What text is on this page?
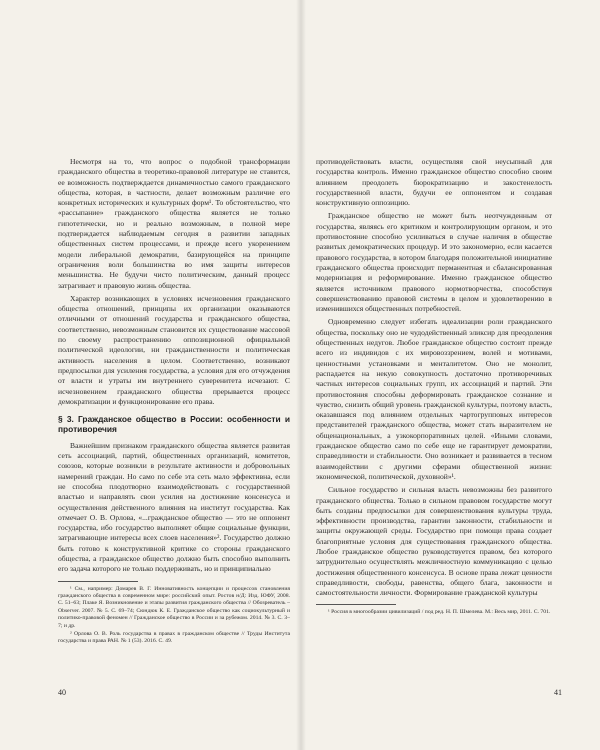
Несмотря на то, что вопрос о подобной трансформации гражданского общества в теоретико-правовой литературе не ставится, ее возможность подтверждается динамичностью самого гражданского общества, которая, в частности, делает возможным различие его конкретных исторических и культурных форм¹. То обстоятельство, что «рассыпание» гражданского общества является не только гипотетически, но и реально возможным, в полной мере подтверждается наблюдаемым сегодня в развитии западных общественных систем процессами, и прежде всего укоренением модели либеральной демократии, базирующейся на принципе ограничения воли большинства во имя защиты интересов меньшинства. Не будучи чисто политическим, данный процесс затрагивает и правовую жизнь общества.

Характер возникающих в условиях исчезновения гражданского общества отношений, принципы их организации оказываются отличными от отношений государства и гражданского общества, соответственно, невозможным становится их существование массовой по своему распространению оппозиционной официальной политической идеологии, ни гражданственности и политическая активность населения в целом. Соответственно, возникают предпосылки для усиления государства, а условия для его отчуждения от власти и утраты им внутреннего суверенитета исчезают. С исчезновением гражданского общества прерывается процесс демократизации и функционирование его права.

§ 3. Гражданское общество в России: особенности и противоречия

Важнейшим признаком гражданского общества является развитая сеть ассоциаций, партий, общественных организаций, комитетов, союзов, которые возникли в результате активности и добровольных намерений граждан. Но само по себе эта сеть мало эффективна, если не способна плодотворно взаимодействовать с государственной властью и направлять свои усилия на достижение консенсуса и осуществления действенного влияния на институт государства. Как отмечает О. В. Орлова, «...гражданское общество — это не оппонент государства, ибо государство выполняет общие социальные функции, затрагивающие интересы всех слоев населения»². Государство должно быть готово к конструктивной критике со стороны гражданского общества, а гражданское общество должно быть способно выполнить его задача которого не только поддерживать, но и принципиально

¹ См., например: Домарев В. Г. Инновативность концепции и процессов становления гражданского общества в современном мире: российский опыт. Ростов н/Д: Изд. ЮФУ, 2008. С. 51–63; Плаке Я. Возникновение и этапы развития гражданского общества // Обозреватель – Observer. 2007. № 5. С. 69–74; Сюндюк К. Е. Гражданское общество как социокультурный и политико-правовой феномен // Гражданское общество в России и за рубежом. 2014. № 3. С. 3–7; и др.

² Орлова О. В. Роль государства в правах в гражданском обществе // Труды Института государства и права РАН. № 1 (53). 2016. С. 49.

40

противодействовать власти, осуществляя свой неусыпный для государства контроль. Именно гражданское общество способно своим влиянием преодолеть бюрократизацию и закостенелость государственной власти, будучи ее оппонентом и создавая конструктивную оппозицию.

Гражданское общество не может быть неотчужденным от государства, являясь его критиком и контролирующим органом, и это противостояние способно усиливаться в случае наличия в обществе развитых демократических процедур. И это закономерно, если касается правового государства, в котором благодаря положительной инициативе гражданского общества происходит перманентная и сбалансированная модернизация и реформирование. Именно гражданское общество является источником правового нормотворчества, способствуя совершенствованию правовой системы в целом и удовлетворению в изменившихся общественных потребностей.

Одновременно следует избегать идеализации роли гражданского общества, поскольку оно не чудодейственный эликсир для преодоления общественных недугов. Любое гражданское общество состоит прежде всего из индивидов с их мировоззрением, волей и мотивами, ценностными установками и менталитетом. Оно не монолит, распадается на некую совокупность достаточно противоречивых частных интересов социальных групп, их ассоциаций и партий. Эти противостояния способны деформировать гражданское сознание и чувство, снизить общий уровень гражданской культуры, поэтому власть, оказавшаяся под влиянием отдельных чартогрупповых интересов представителей гражданского общества, может стать выразителем не общенациональных, а узкокорпоративных целей. «Иными словами, гражданское общество само по себе еще не гарантирует демократии, справедливости и стабильности. Оно возникает и развивается в тесном взаимодействии с другими сферами общественной жизни: экономической, политической, духовной»¹.

Сильное государство и сильная власть невозможны без развитого гражданского общества. Только в сильном правовом государстве могут быть созданы предпосылки для совершенствования культуры труда, эффективности производства, гарантии законности, стабильности и защиты окружающей среды. Государство при помощи права создает благоприятные условия для существования гражданского общества. Любое гражданское общество руководствуется правом, без которого затруднительно осуществлять межличностную коммуникацию с целью достижения общественного консенсуса. В основе права лежат ценности справедливости, свободы, равенства, общего блага, законности и самостоятельности личности. Формирование гражданской культуры

¹ Россия в многообразии цивилизаций / под ред. Н. П. Шмелева. М.: Весь мир, 2011. С. 701.

41
